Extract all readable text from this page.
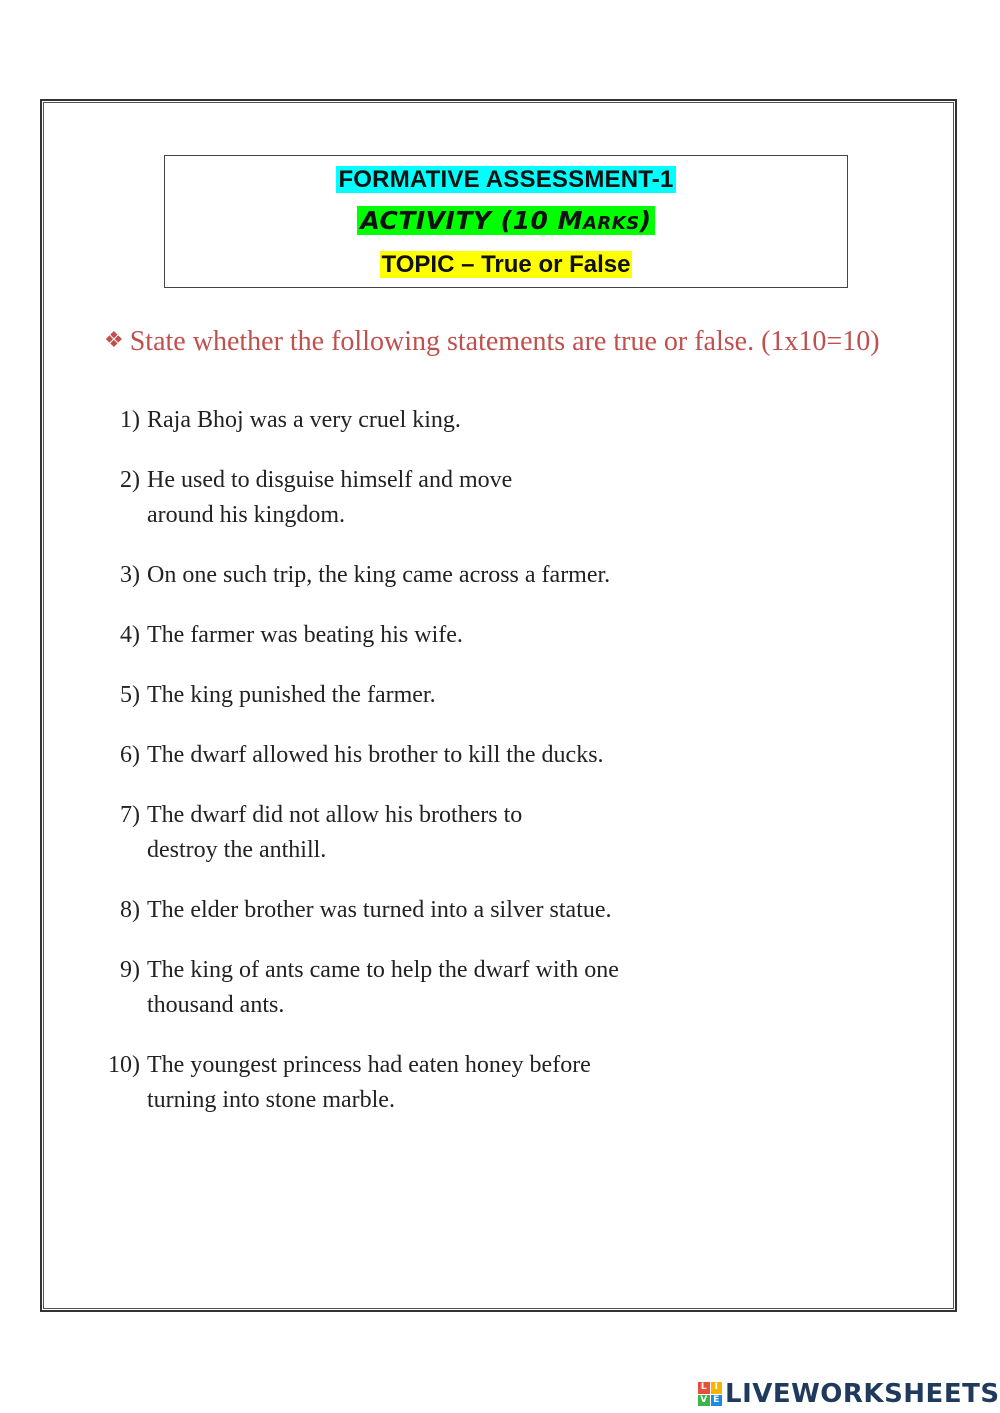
FORMATIVE ASSESSMENT-1
ACTIVITY (10 Marks)
TOPIC – True or False
❖ State whether the following statements are true or false. (1x10=10)
1) Raja Bhoj was a very cruel king.
2) He used to disguise himself and move around his kingdom.
3) On one such trip, the king came across a farmer.
4) The farmer was beating his wife.
5) The king punished the farmer.
6) The dwarf allowed his brother to kill the ducks.
7) The dwarf did not allow his brothers to destroy the anthill.
8) The elder brother was turned into a silver statue.
9) The king of ants came to help the dwarf with one thousand ants.
10) The youngest princess had eaten honey before turning into stone marble.
L I
V E LIVEWORKSHEETS
